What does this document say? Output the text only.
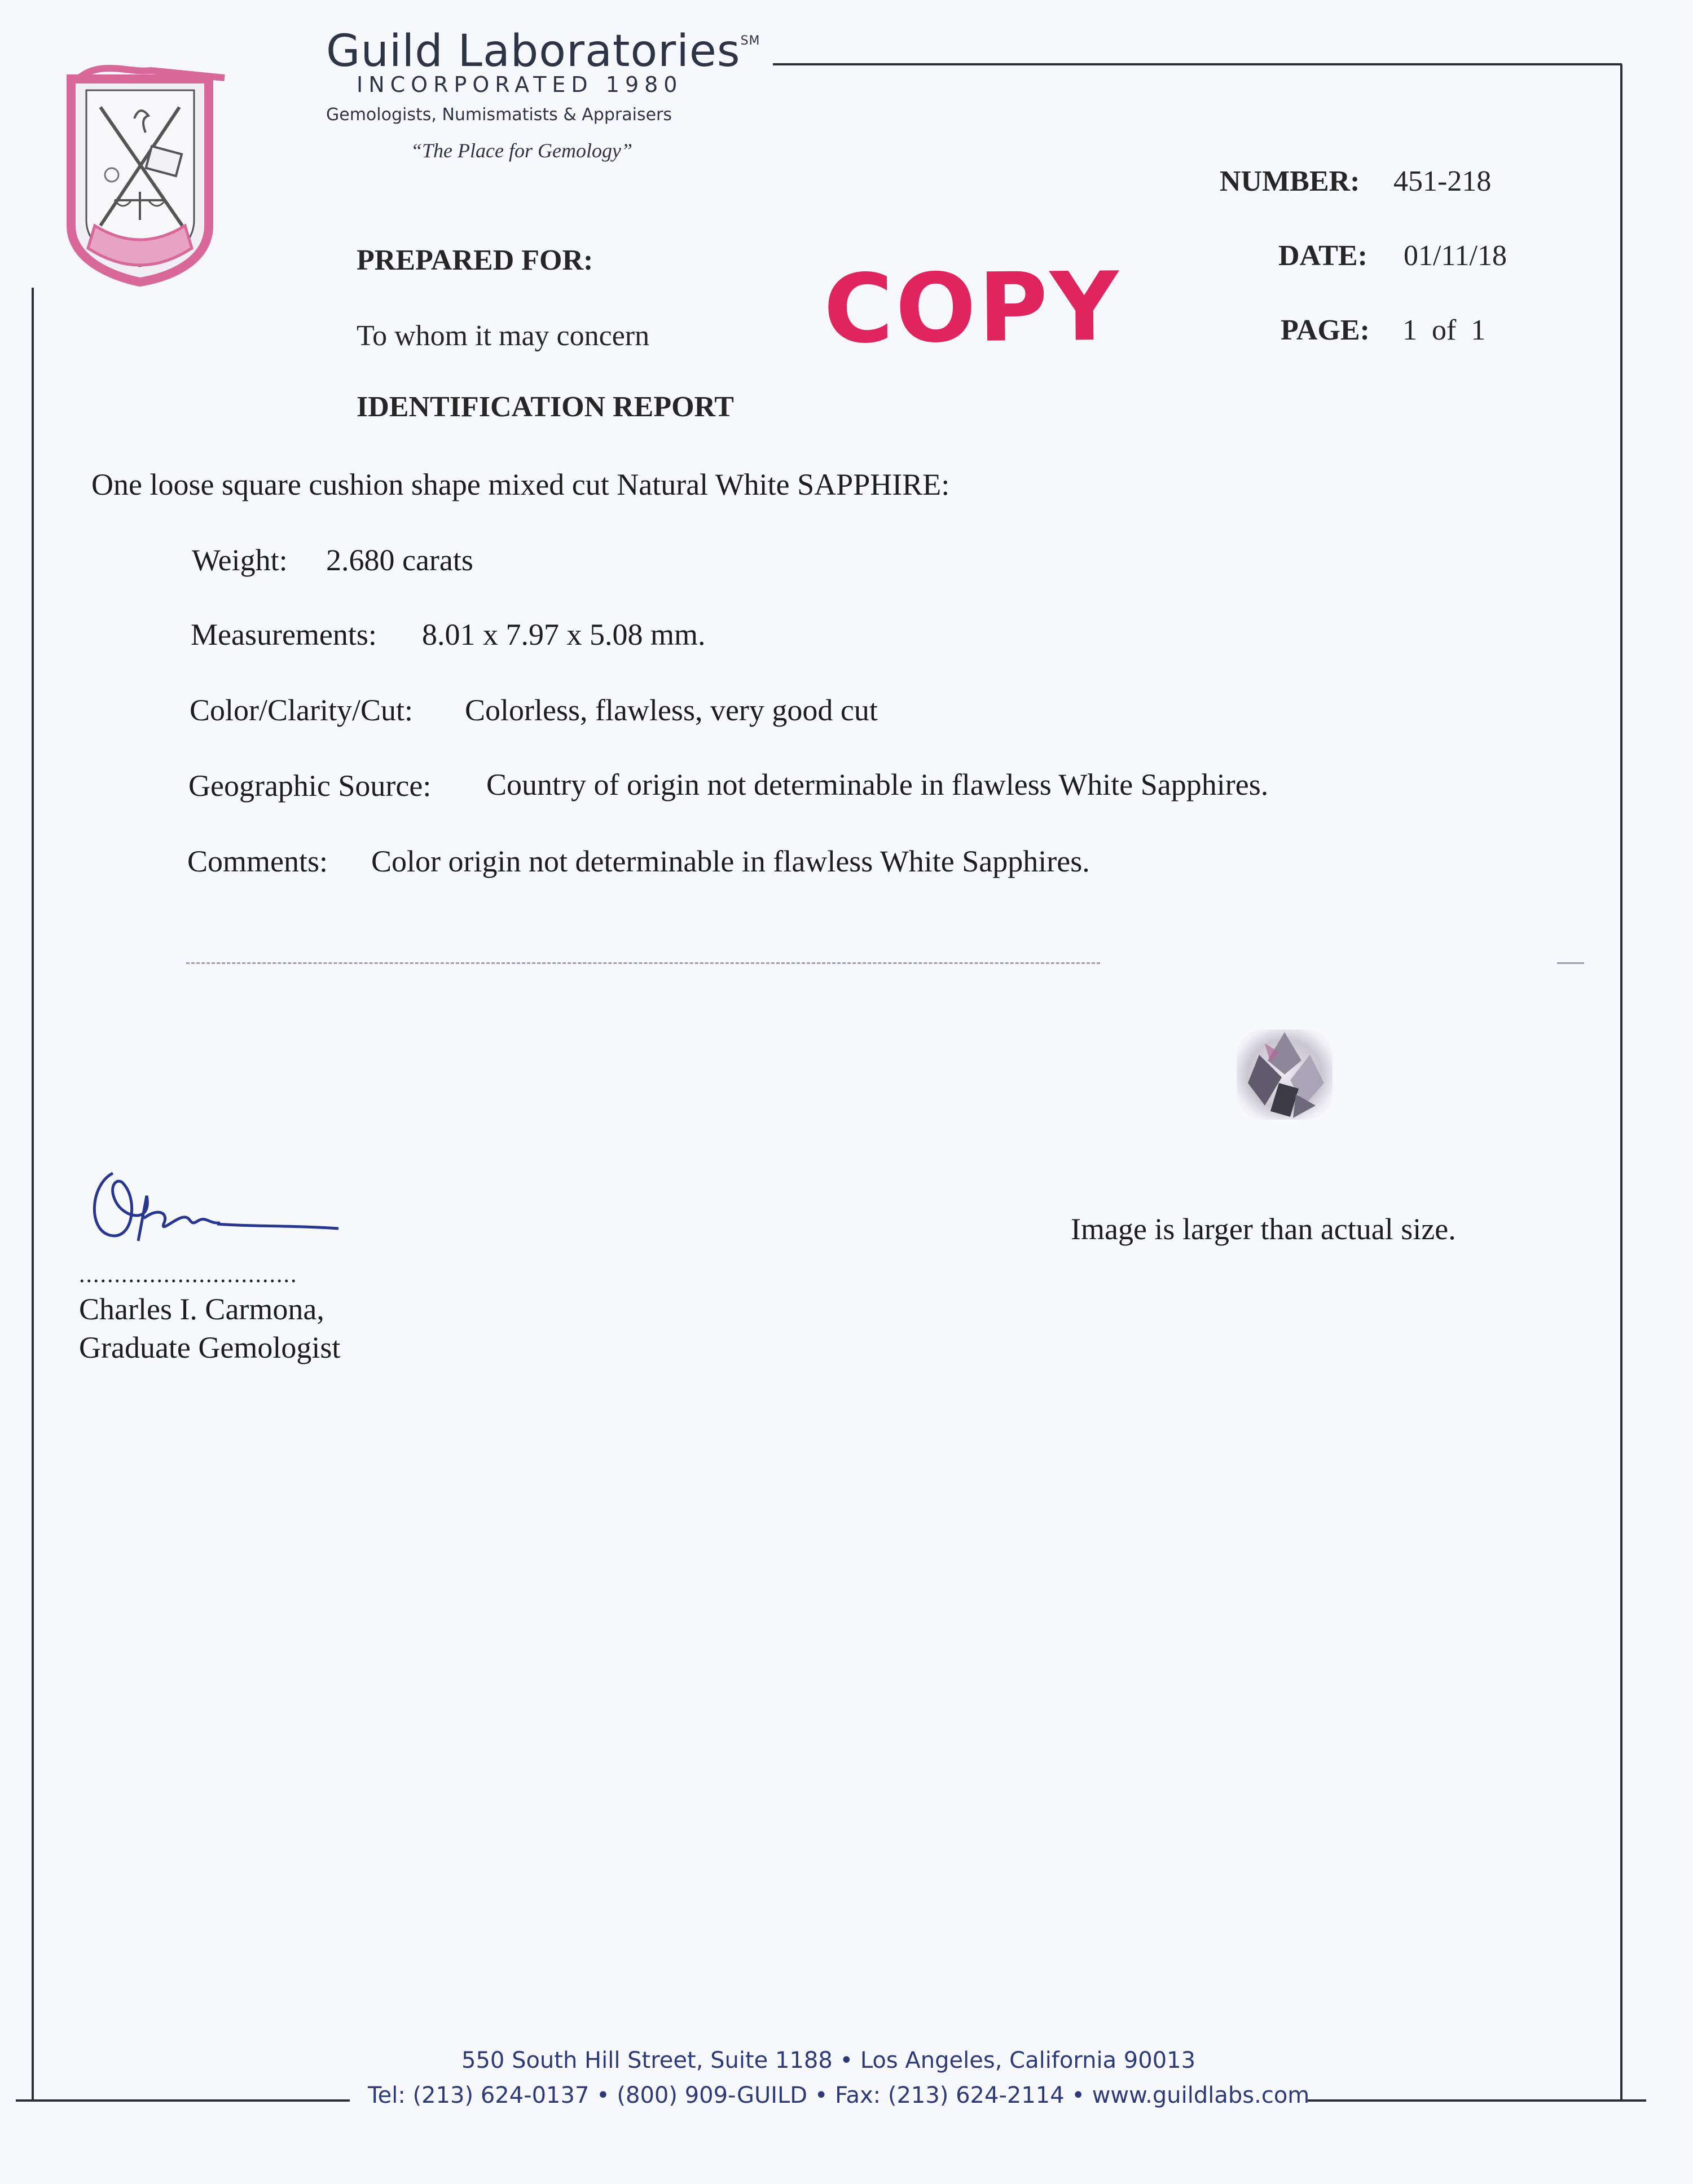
Guild Laboratories℠
INCORPORATED 1980
Gemologists, Numismatists & Appraisers
“The Place for Gemology”
NUMBER: 451-218
DATE: 01/11/18
PAGE: 1  of  1
PREPARED FOR:
To whom it may concern COPY
IDENTIFICATION REPORT
One loose square cushion shape mixed cut Natural White SAPPHIRE:
Weight: 2.680 carats
Measurements: 8.01 x 7.97 x 5.08 mm.
Color/Clarity/Cut: Colorless, flawless, very good cut
Geographic Source: Country of origin not determinable in flawless White Sapphires.
Comments: Color origin not determinable in flawless White Sapphires.
Image is larger than actual size.
...............................
Charles I. Carmona,
Graduate Gemologist
550 South Hill Street, Suite 1188 • Los Angeles, California 90013
Tel: (213) 624-0137 • (800) 909-GUILD • Fax: (213) 624-2114 • www.guildlabs.com
